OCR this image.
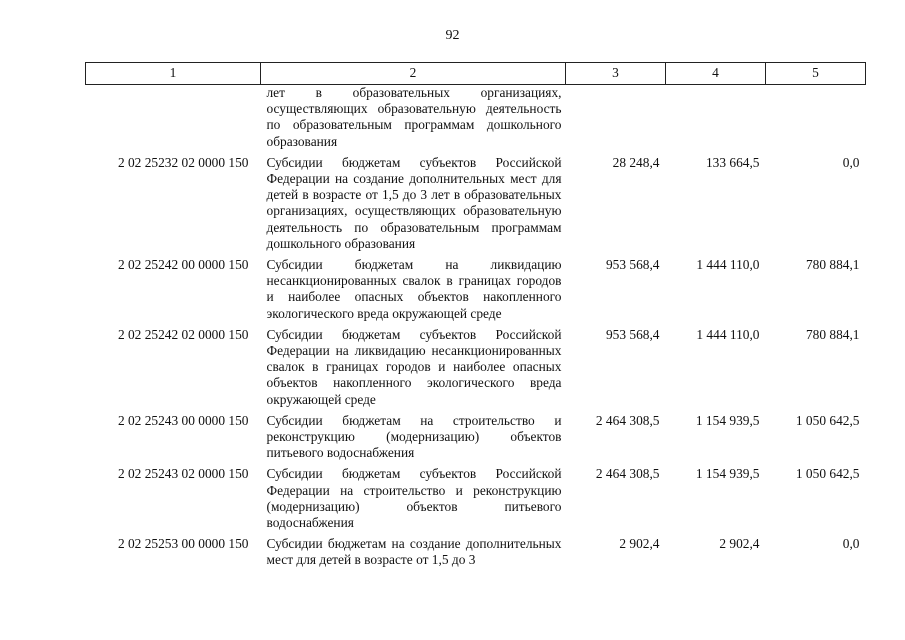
92
1	2	3	4	5
	лет в образовательных организациях, осуществляющих образовательную деятельность по образовательным программам дошкольного образования			
2 02 25232 02 0000 150	Субсидии бюджетам субъектов Российской Федерации на создание дополнительных мест для детей в возрасте от 1,5 до 3 лет в образовательных организациях, осуществляющих образовательную деятельность по образовательным программам дошкольного образования	28 248,4	133 664,5	0,0
2 02 25242 00 0000 150	Субсидии бюджетам на ликвидацию несанкционированных свалок в границах городов и наиболее опасных объектов накопленного экологического вреда окружающей среде	953 568,4	1 444 110,0	780 884,1
2 02 25242 02 0000 150	Субсидии бюджетам субъектов Российской Федерации на ликвидацию несанкционированных свалок в границах городов и наиболее опасных объектов накопленного экологического вреда окружающей среде	953 568,4	1 444 110,0	780 884,1
2 02 25243 00 0000 150	Субсидии бюджетам на строительство и реконструкцию (модернизацию) объектов питьевого водоснабжения	2 464 308,5	1 154 939,5	1 050 642,5
2 02 25243 02 0000 150	Субсидии бюджетам субъектов Российской Федерации на строительство и реконструкцию (модернизацию) объектов питьевого водоснабжения	2 464 308,5	1 154 939,5	1 050 642,5
2 02 25253 00 0000 150	Субсидии бюджетам на создание дополнительных мест для детей в возрасте от 1,5 до 3	2 902,4	2 902,4	0,0
